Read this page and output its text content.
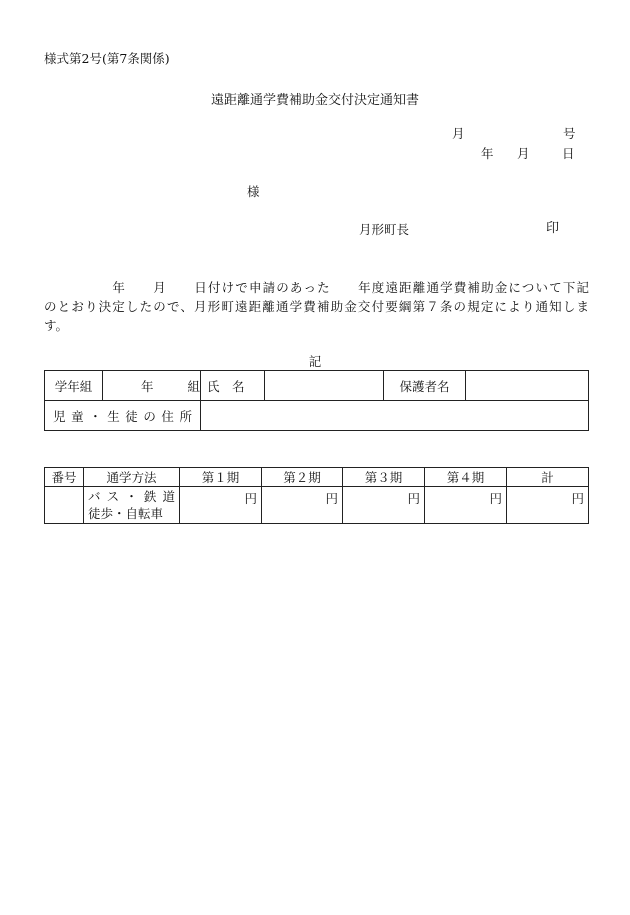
様式第2号(第7条関係)
遠距離通学費補助金交付決定通知書
月	号
年 月	日
様
月形町長	印
　　　　　年　　月　　日付けで申請のあった　　年度遠距離通学費補助金について下記
のとおり決定したので、月形町遠距離通学費補助金交付要綱第７条の規定により通知しま
す。
記
学年組	年 組	氏　名		保護者名	
児童・生徒の住所					
番号	通学方法	第１期	第２期	第３期	第４期	計

	バス・鉄道
徒歩・自転車	円	円	円	円	円
